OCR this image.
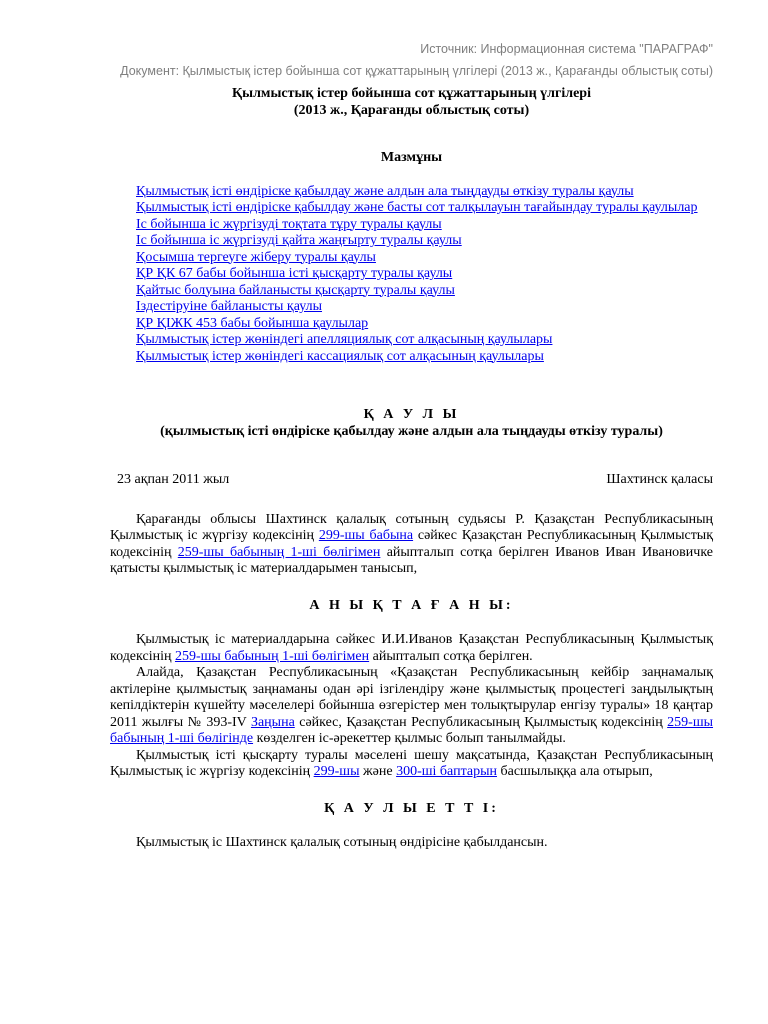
Источник: Информационная система "ПАРАГРАФ"
Документ: Қылмыстық істер бойынша сот құжаттарының үлгілері (2013 ж., Қарағанды облыстық соты)
Қылмыстық істер бойынша сот құжаттарының үлгілері
(2013 ж., Қарағанды облыстық соты)
Мазмұны
Қылмыстық істі өндіріске қабылдау және алдын ала тыңдауды өткізу туралы қаулы
Қылмыстық істі өндіріске қабылдау және басты сот талқылауын тағайындау туралы қаулылар
Іс бойынша іс жүргізуді тоқтата тұру туралы қаулы
Іс бойынша іс жүргізуді қайта жаңғырту туралы қаулы
Қосымша тергеуге жіберу туралы қаулы
ҚР ҚК 67 бабы бойынша істі қысқарту туралы қаулы
Қайтыс болуына байланысты қысқарту туралы қаулы
Іздестіруіне байланысты қаулы
ҚР ҚІЖК 453 бабы бойынша қаулылар
Қылмыстық істер жөніндегі апелляциялық сот алқасының қаулылары
Қылмыстық істер жөніндегі кассациялық сот алқасының қаулылары
Қ А У Л Ы
(қылмыстық істі өндіріске қабылдау және алдын ала тыңдауды өткізу туралы)
23 ақпан 2011 жыл	Шахтинск қаласы

Қарағанды облысы Шахтинск қалалық сотының судьясы Р. Қазақстан Республикасының Қылмыстық іс жүргізу кодексінің 299-шы бабына сәйкес Қазақстан Республикасының Қылмыстық кодексінің 259-шы бабының 1-ші бөлігімен айыпталып сотқа берілген Иванов Иван Ивановичке қатысты қылмыстық іс материалдарымен танысып,

А Н Ы Қ Т А Ғ А Н Ы:

Қылмыстық іс материалдарына сәйкес И.И.Иванов Қазақстан Республикасының Қылмыстық кодексінің 259-шы бабының 1-ші бөлігімен айыпталып сотқа берілген.

Алайда, Қазақстан Республикасының «Қазақстан Республикасының кейбір заңнамалық актілеріне қылмыстық заңнаманы одан әрі ізгілендіру және қылмыстық процестегі заңдылықтың кепілдіктерін күшейту мәселелері бойынша өзгерістер мен толықтырулар енгізу туралы» 18 қаңтар 2011 жылғы № 393-IV Заңына сәйкес, Қазақстан Республикасының Қылмыстық кодексінің 259-шы бабының 1-ші бөлігінде көзделген іс-әрекеттер қылмыс болып танылмайды.

Қылмыстық істі қысқарту туралы мәселені шешу мақсатында, Қазақстан Республикасының Қылмыстық іс жүргізу кодексінің 299-шы және 300-ші баптарын басшылыққа ала отырып,

Қ А У Л Ы Е Т Т І:

Қылмыстық іс Шахтинск қалалық сотының өндірісіне қабылдансын.
